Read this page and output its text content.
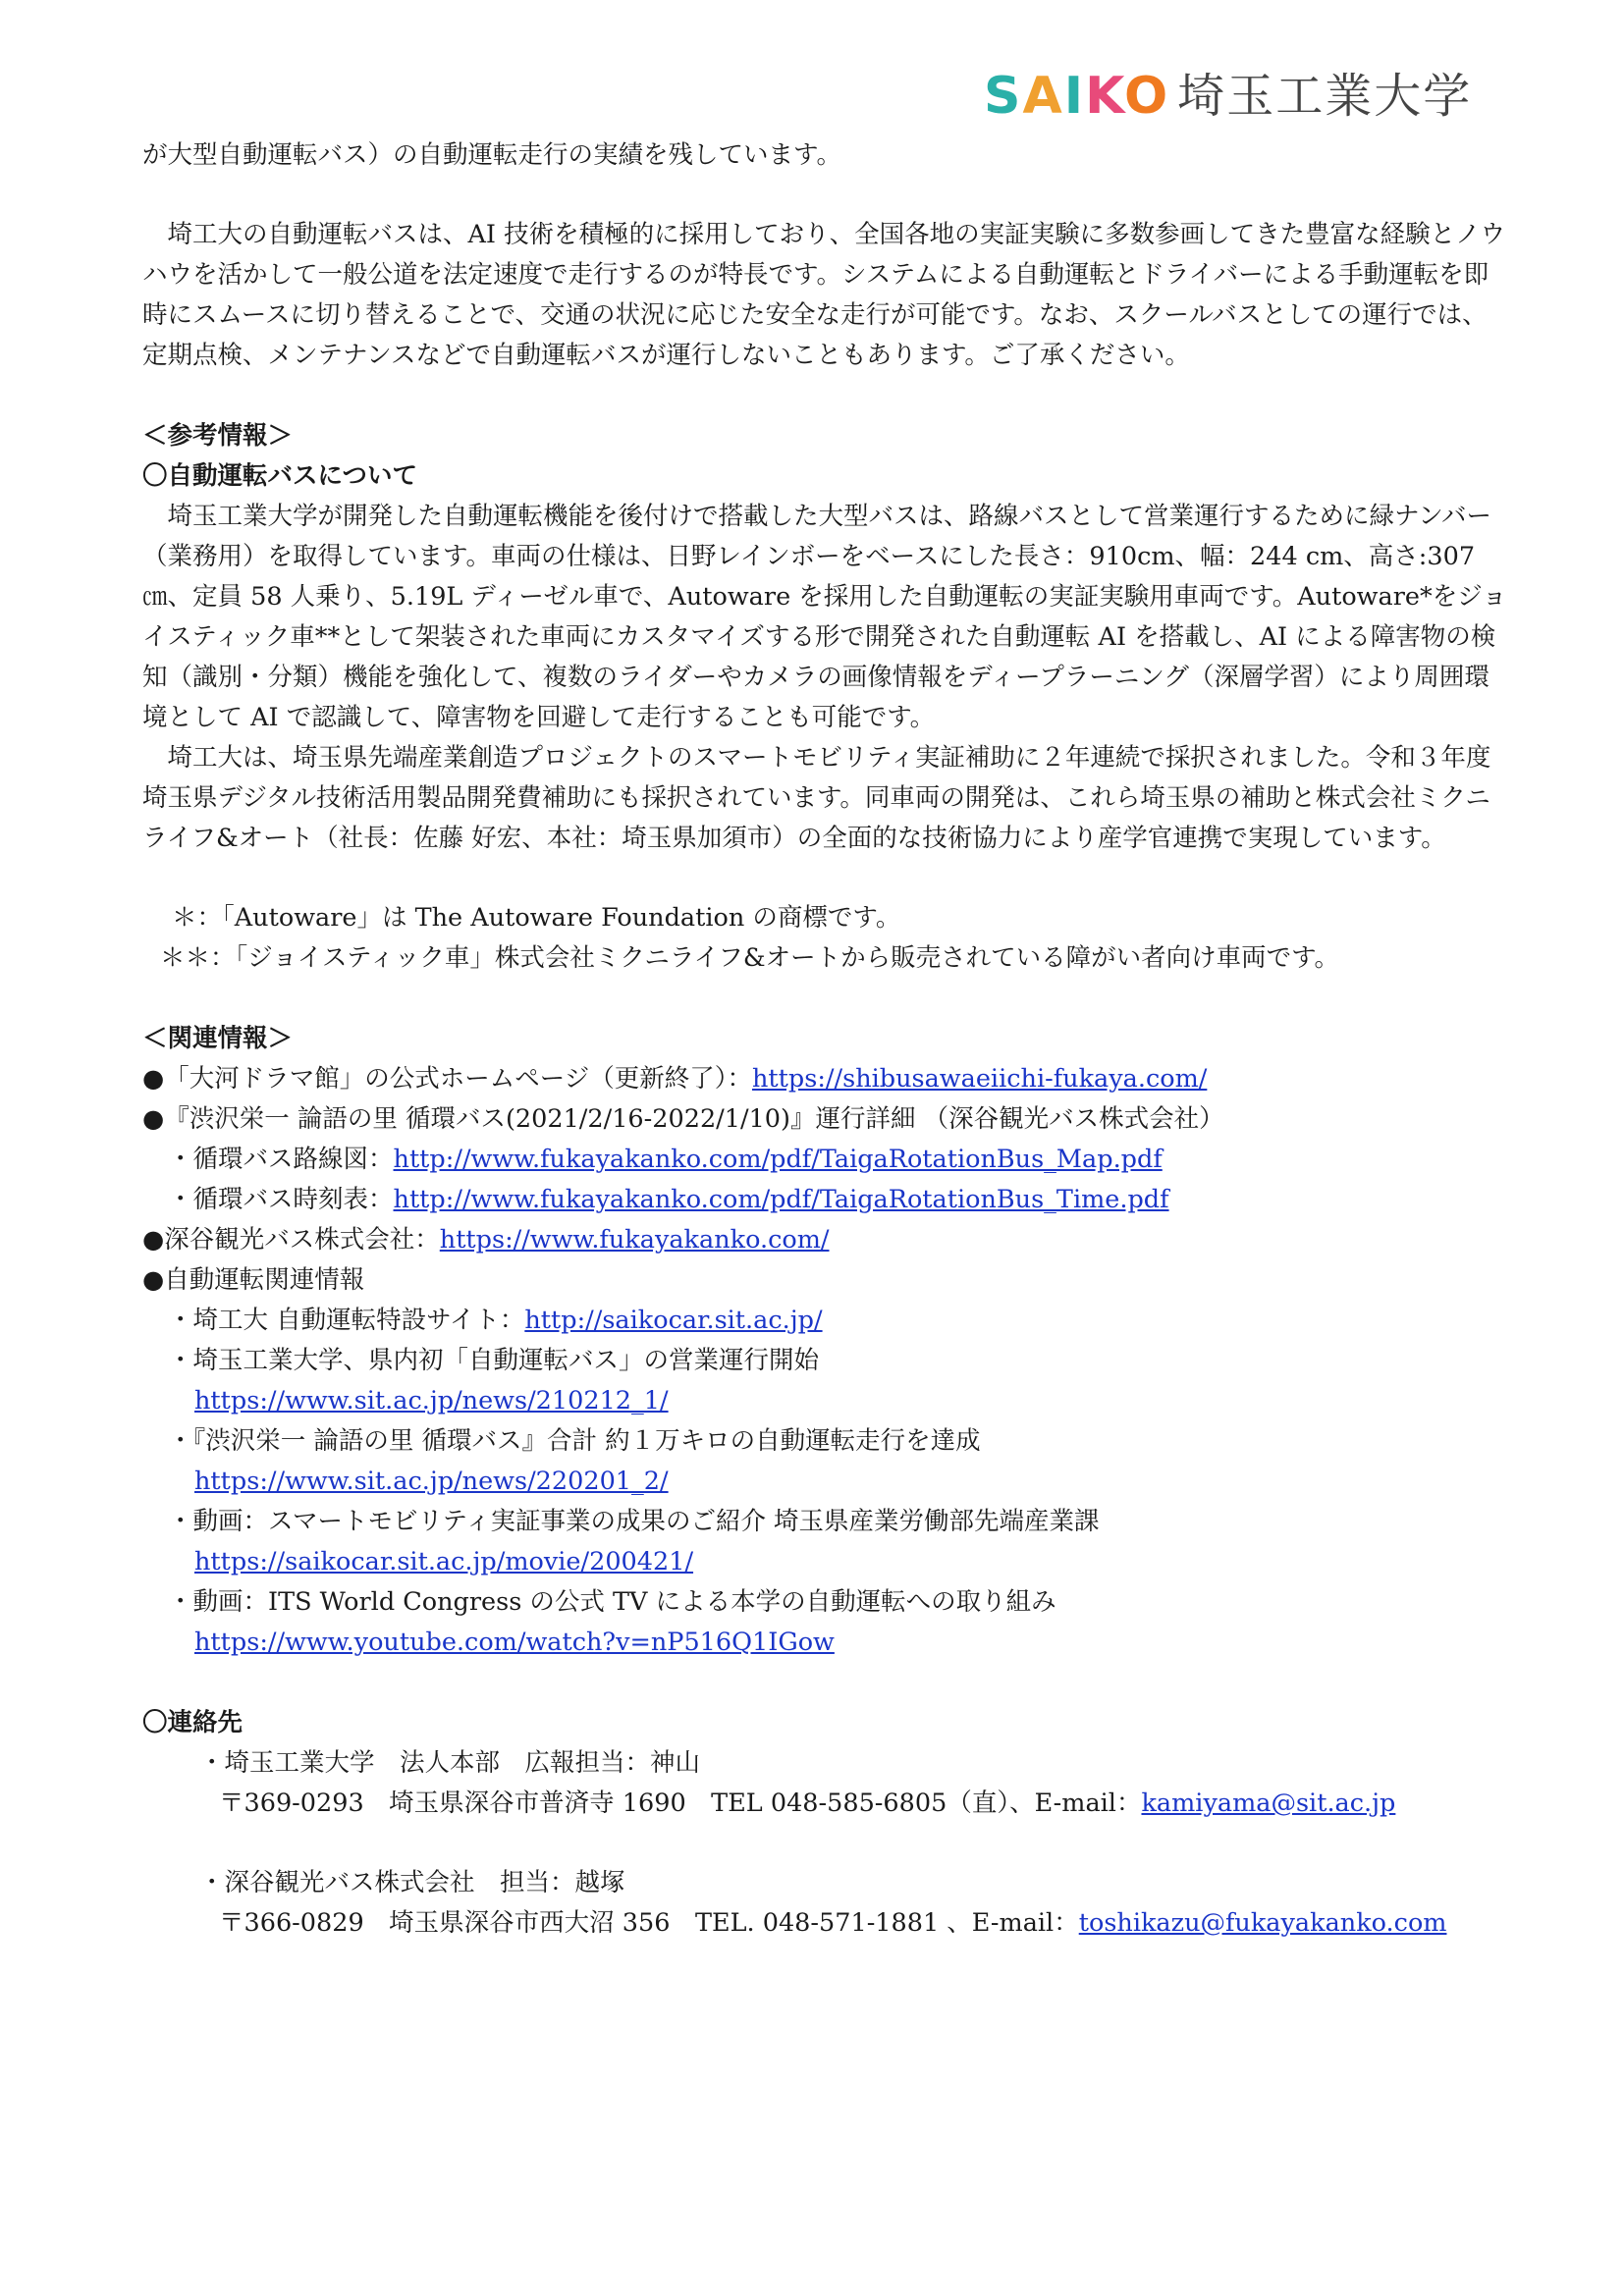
SAIKO 埼玉工業大学

が大型自動運転バス）の自動運転走行の実績を残しています。

埼工大の自動運転バスは、AI 技術を積極的に採用しており、全国各地の実証実験に多数参画してきた豊富な経験とノウハウを活かして一般公道を法定速度で走行するのが特長です。システムによる自動運転とドライバーによる手動運転を即時にスムースに切り替えることで、交通の状況に応じた安全な走行が可能です。なお、スクールバスとしての運行では、定期点検、メンテナンスなどで自動運転バスが運行しないこともあります。ご了承ください。

＜参考情報＞

〇自動運転バスについて

埼玉工業大学が開発した自動運転機能を後付けで搭載した大型バスは、路線バスとして営業運行するために緑ナンバー（業務用）を取得しています。車両の仕様は、日野レインボーをベースにした長さ：910cm、幅：244 cm、高さ:307 ㎝、定員 58 人乗り、5.19L ディーゼル車で、Autoware を採用した自動運転の実証実験用車両です。Autoware*をジョイスティック車**として架装された車両にカスタマイズする形で開発された自動運転 AI を搭載し、AI による障害物の検知（識別・分類）機能を強化して、複数のライダーやカメラの画像情報をディープラーニング（深層学習）により周囲環境として AI で認識して、障害物を回避して走行することも可能です。

埼工大は、埼玉県先端産業創造プロジェクトのスマートモビリティ実証補助に２年連続で採択されました。令和３年度埼玉県デジタル技術活用製品開発費補助にも採択されています。同車両の開発は、これら埼玉県の補助と株式会社ミクニライフ&オート（社長：佐藤 好宏、本社：埼玉県加須市）の全面的な技術協力により産学官連携で実現しています。

＊：「Autoware」は The Autoware Foundation の商標です。

＊＊：「ジョイスティック車」株式会社ミクニライフ&オートから販売されている障がい者向け車両です。

＜関連情報＞

●「大河ドラマ館」の公式ホームページ（更新終了）：https://shibusawaeiichi-fukaya.com/

●『渋沢栄一 論語の里 循環バス(2021/2/16-2022/1/10)』運行詳細 （深谷観光バス株式会社）

・循環バス路線図：http://www.fukayakanko.com/pdf/TaigaRotationBus_Map.pdf

・循環バス時刻表：http://www.fukayakanko.com/pdf/TaigaRotationBus_Time.pdf

●深谷観光バス株式会社：https://www.fukayakanko.com/

●自動運転関連情報

・埼工大 自動運転特設サイト：http://saikocar.sit.ac.jp/

・埼玉工業大学、県内初「自動運転バス」の営業運行開始

https://www.sit.ac.jp/news/210212_1/

・『渋沢栄一 論語の里 循環バス』合計 約１万キロの自動運転走行を達成

https://www.sit.ac.jp/news/220201_2/

・動画：スマートモビリティ実証事業の成果のご紹介 埼玉県産業労働部先端産業課

https://saikocar.sit.ac.jp/movie/200421/

・動画：ITS World Congress の公式 TV による本学の自動運転への取り組み

https://www.youtube.com/watch?v=nP516Q1IGow

〇連絡先

・埼玉工業大学　法人本部　広報担当：神山

〒369-0293　埼玉県深谷市普済寺 1690　TEL 048-585-6805（直）、E-mail：kamiyama@sit.ac.jp

・深谷観光バス株式会社　担当：越塚

〒366-0829　埼玉県深谷市西大沼 356　TEL. 048-571-1881 、E-mail：toshikazu@fukayakanko.com
